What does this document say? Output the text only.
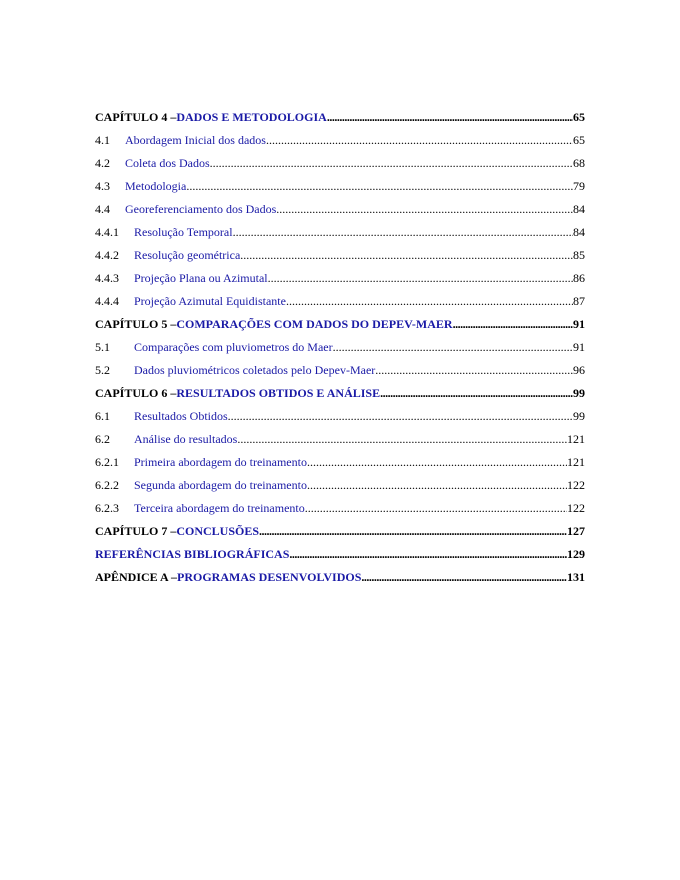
CAPÍTULO 4 – DADOS E METODOLOGIA .....	65
4.1	Abordagem Inicial dos dados .....	65
4.2	Coleta dos Dados .....	68
4.3	Metodologia .....	79
4.4	Georeferenciamento dos Dados .....	84
4.4.1	Resolução Temporal .....	84
4.4.2	Resolução geométrica .....	85
4.4.3	Projeção Plana ou Azimutal .....	86
4.4.4	Projeção Azimutal Equidistante .....	87
CAPÍTULO 5 – COMPARAÇÕES COM DADOS DO DEPEV-MAER .....	91
5.1	Comparações com pluviometros do Maer .....	91
5.2	Dados pluviométricos coletados pelo Depev-Maer .....	96
CAPÍTULO 6 – RESULTADOS OBTIDOS E ANÁLISE .....	99
6.1	Resultados Obtidos .....	99
6.2	Análise do resultados .....	121
6.2.1	Primeira abordagem do treinamento .....	121
6.2.2	Segunda abordagem do treinamento .....	122
6.2.3	Terceira abordagem do treinamento .....	122
CAPÍTULO 7 – CONCLUSÕES .....	127
REFERÊNCIAS BIBLIOGRÁFICAS .....	129
APÊNDICE A – PROGRAMAS DESENVOLVIDOS .....	131
